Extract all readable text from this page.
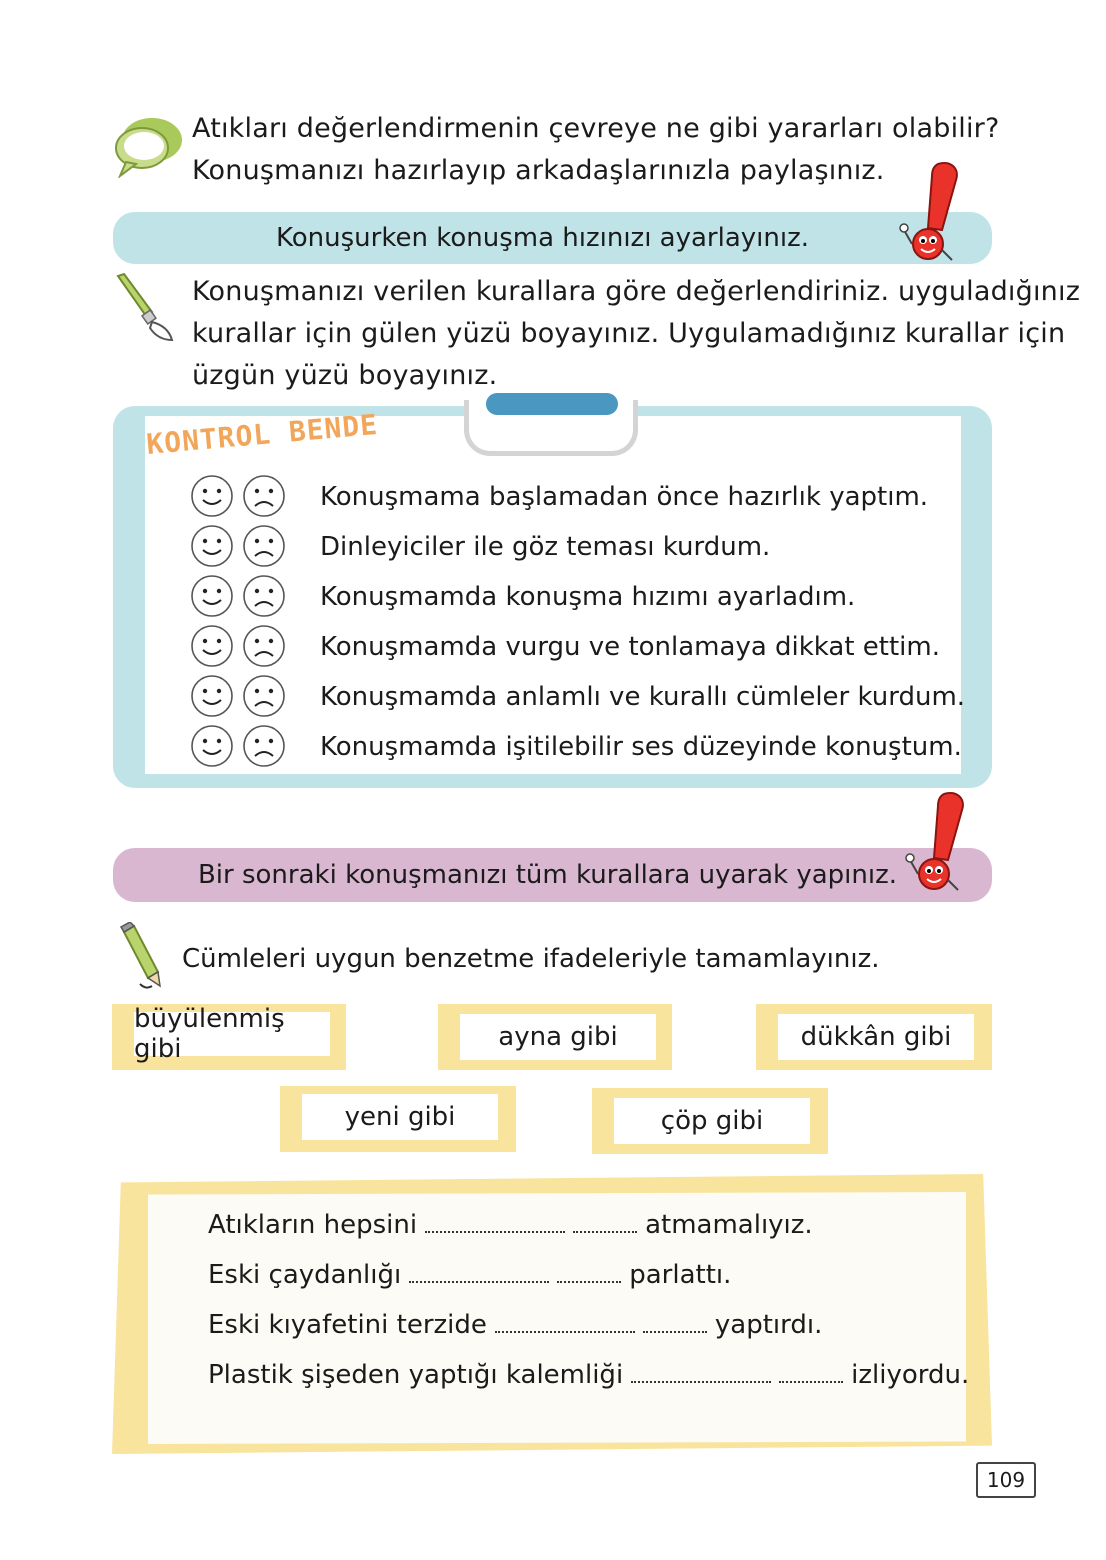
Atıkları değerlendirmenin çevreye ne gibi yararları olabilir?
Konuşmanızı hazırlayıp arkadaşlarınızla paylaşınız.
Konuşurken konuşma hızınızı ayarlayınız.
Konuşmanızı verilen kurallara göre değerlendiriniz. uyguladığınız
kurallar için gülen yüzü boyayınız. Uygulamadığınız kurallar için
üzgün yüzü boyayınız.
KONTROL BENDE
Konuşmama başlamadan önce hazırlık yaptım.
Dinleyiciler ile göz teması kurdum.
Konuşmamda konuşma hızımı ayarladım.
Konuşmamda vurgu ve tonlamaya dikkat ettim.
Konuşmamda anlamlı ve kurallı cümleler kurdum.
Konuşmamda işitilebilir ses düzeyinde konuştum.
Bir sonraki konuşmanızı tüm kurallara uyarak yapınız.
Cümleleri uygun benzetme ifadeleriyle tamamlayınız.
büyülenmiş gibi	ayna gibi	dükkân gibi
yeni gibi	çöp gibi
Atıkların hepsini	atmamalıyız.
Eski çaydanlığı	parlattı.
Eski kıyafetini terzide	yaptırdı.
Plastik şişeden yaptığı kalemliği	izliyordu.
109
